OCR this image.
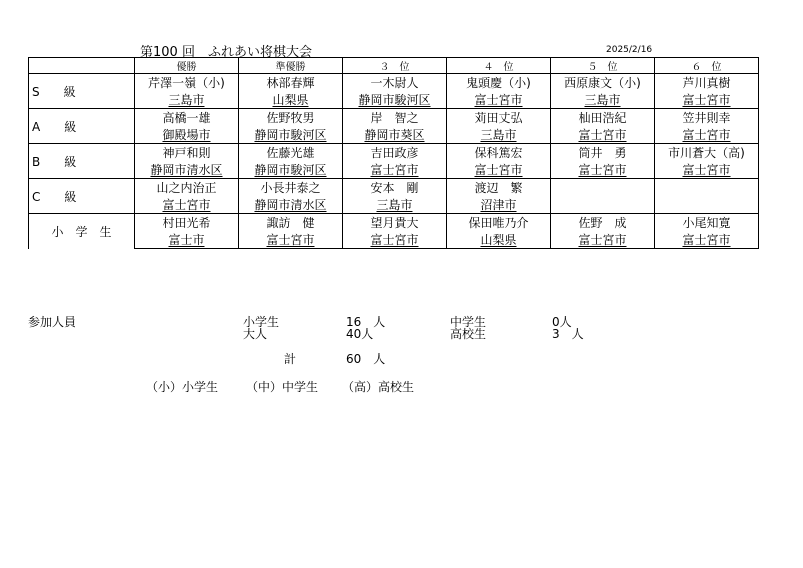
第100 回　ふれあい将棋大会	2025/2/16
	優勝	準優勝	３　位	４　位	５　位	６　位
S　　級	芹澤一嶺（小)	林部春輝	一木尉人	鬼頭慶（小)	西原康文（小)	芦川真樹
	三島市	山梨県	静岡市駿河区	富士宮市	三島市	富士宮市
A　　級	高橋一雄	佐野牧男	岸　智之	苅田丈弘	杣田浩紀	笠井則幸
	御殿場市	静岡市駿河区	静岡市葵区	三島市	富士宮市	富士宮市
B　　級	神戸和則	佐藤光雄	吉田政彦	保科篤宏	筒井　勇	市川蒼大（高)
	静岡市清水区	静岡市駿河区	富士宮市	富士宮市	富士宮市	富士宮市
C　　級	山之内治正	小長井泰之	安本　剛	渡辺　繁		
	富士宮市	静岡市清水区	三島市	沼津市		
小　学　生	村田光希	諏訪　健	望月貴大	保田唯乃介	佐野　成	小尾知寛
	富士市	富士宮市	富士宮市	山梨県	富士宮市	富士宮市
参加人員	小学生	16　人
大人	40人
中学生	0人
高校生	3　人
計	60　人
（小）小学生 （中）中学生 （高）高校生
